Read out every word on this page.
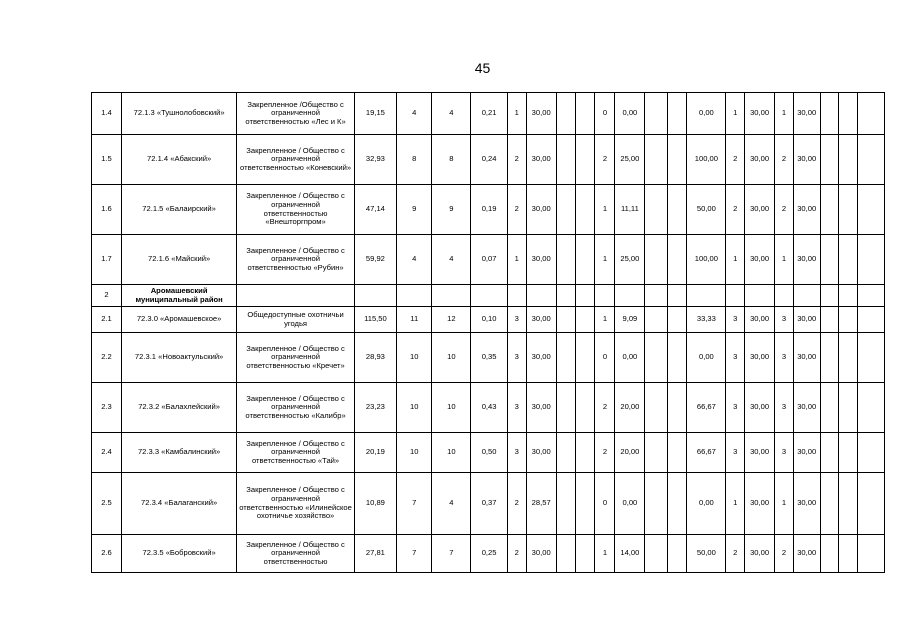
45
1.4	72.1.3 «Тушнолобовский»	Закрепленное /Общество с ограниченной ответственностью «Лес и К»	19,15	4	4	0,21	1	30,00			0	0,00			0,00	1	30,00	1	30,00			
1.5	72.1.4 «Абакский»	Закрепленное / Общество с ограниченной ответственностью «Коневский»	32,93	8	8	0,24	2	30,00			2	25,00			100,00	2	30,00	2	30,00			
1.6	72.1.5 «Балаирский»	Закрепленное / Общество с ограниченной ответственностью «Внешторгпром»	47,14	9	9	0,19	2	30,00			1	11,11			50,00	2	30,00	2	30,00			
1.7	72.1.6 «Майский»	Закрепленное / Общество с ограниченной ответственностью «Рубин»	59,92	4	4	0,07	1	30,00			1	25,00			100,00	1	30,00	1	30,00			
2	Аромашевский муниципальный район																					
2.1	72.3.0 «Аромашевское»	Общедоступные охотничьи угодья	115,50	11	12	0,10	3	30,00			1	9,09			33,33	3	30,00	3	30,00			
2.2	72.3.1 «Новоактульский»	Закрепленное / Общество с ограниченной ответственностью «Кречет»	28,93	10	10	0,35	3	30,00			0	0,00			0,00	3	30,00	3	30,00			
2.3	72.3.2 «Балахлейский»	Закрепленное / Общество с ограниченной ответственностью «Калибр»	23,23	10	10	0,43	3	30,00			2	20,00			66,67	3	30,00	3	30,00			
2.4	72.3.3 «Камбалинский»	Закрепленное / Общество с ограниченной ответственностью «Тай»	20,19	10	10	0,50	3	30,00			2	20,00			66,67	3	30,00	3	30,00			
2.5	72.3.4 «Балаганский»	Закрепленное / Общество с ограниченной ответственностью «Илинейское охотничье хозяйство»	10,89	7	4	0,37	2	28,57			0	0,00			0,00	1	30,00	1	30,00			
2.6	72.3.5 «Бобровский»	Закрепленное / Общество с ограниченной ответственностью	27,81	7	7	0,25	2	30,00			1	14,00			50,00	2	30,00	2	30,00			
